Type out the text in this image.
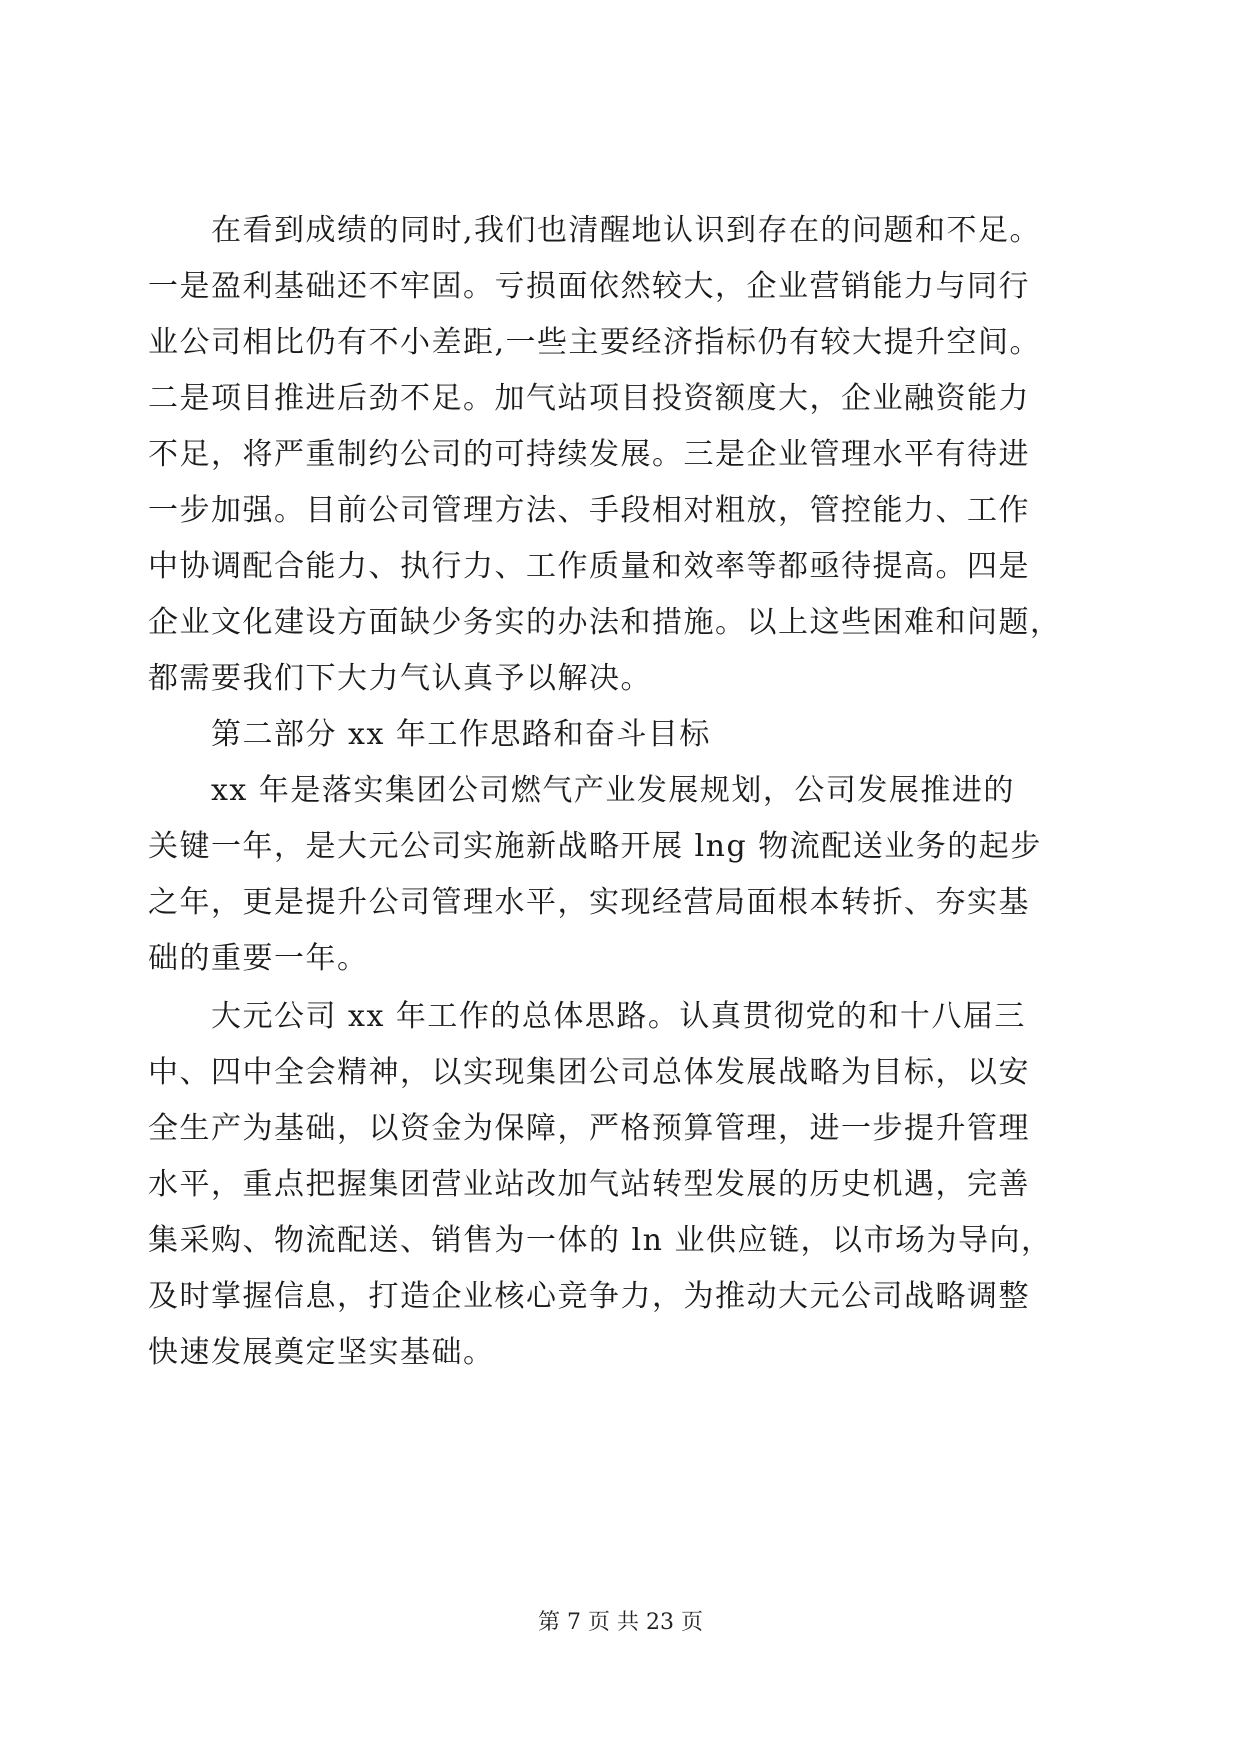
在看到成绩的同时,我们也清醒地认识到存在的问题和不足。
一是盈利基础还不牢固。亏损面依然较大，企业营销能力与同行
业公司相比仍有不小差距,一些主要经济指标仍有较大提升空间。
二是项目推进后劲不足。加气站项目投资额度大，企业融资能力
不足，将严重制约公司的可持续发展。三是企业管理水平有待进
一步加强。目前公司管理方法、手段相对粗放，管控能力、工作
中协调配合能力、执行力、工作质量和效率等都亟待提高。四是
企业文化建设方面缺少务实的办法和措施。以上这些困难和问题，
都需要我们下大力气认真予以解决。
第二部分 xx 年工作思路和奋斗目标
xx 年是落实集团公司燃气产业发展规划，公司发展推进的
关键一年，是大元公司实施新战略开展 lng 物流配送业务的起步
之年，更是提升公司管理水平，实现经营局面根本转折、夯实基
础的重要一年。
大元公司 xx 年工作的总体思路。认真贯彻党的和十八届三
中、四中全会精神，以实现集团公司总体发展战略为目标，以安
全生产为基础，以资金为保障，严格预算管理，进一步提升管理
水平，重点把握集团营业站改加气站转型发展的历史机遇，完善
集采购、物流配送、销售为一体的 ln 业供应链，以市场为导向，
及时掌握信息，打造企业核心竞争力，为推动大元公司战略调整
快速发展奠定坚实基础。
第 7 页 共 23 页
